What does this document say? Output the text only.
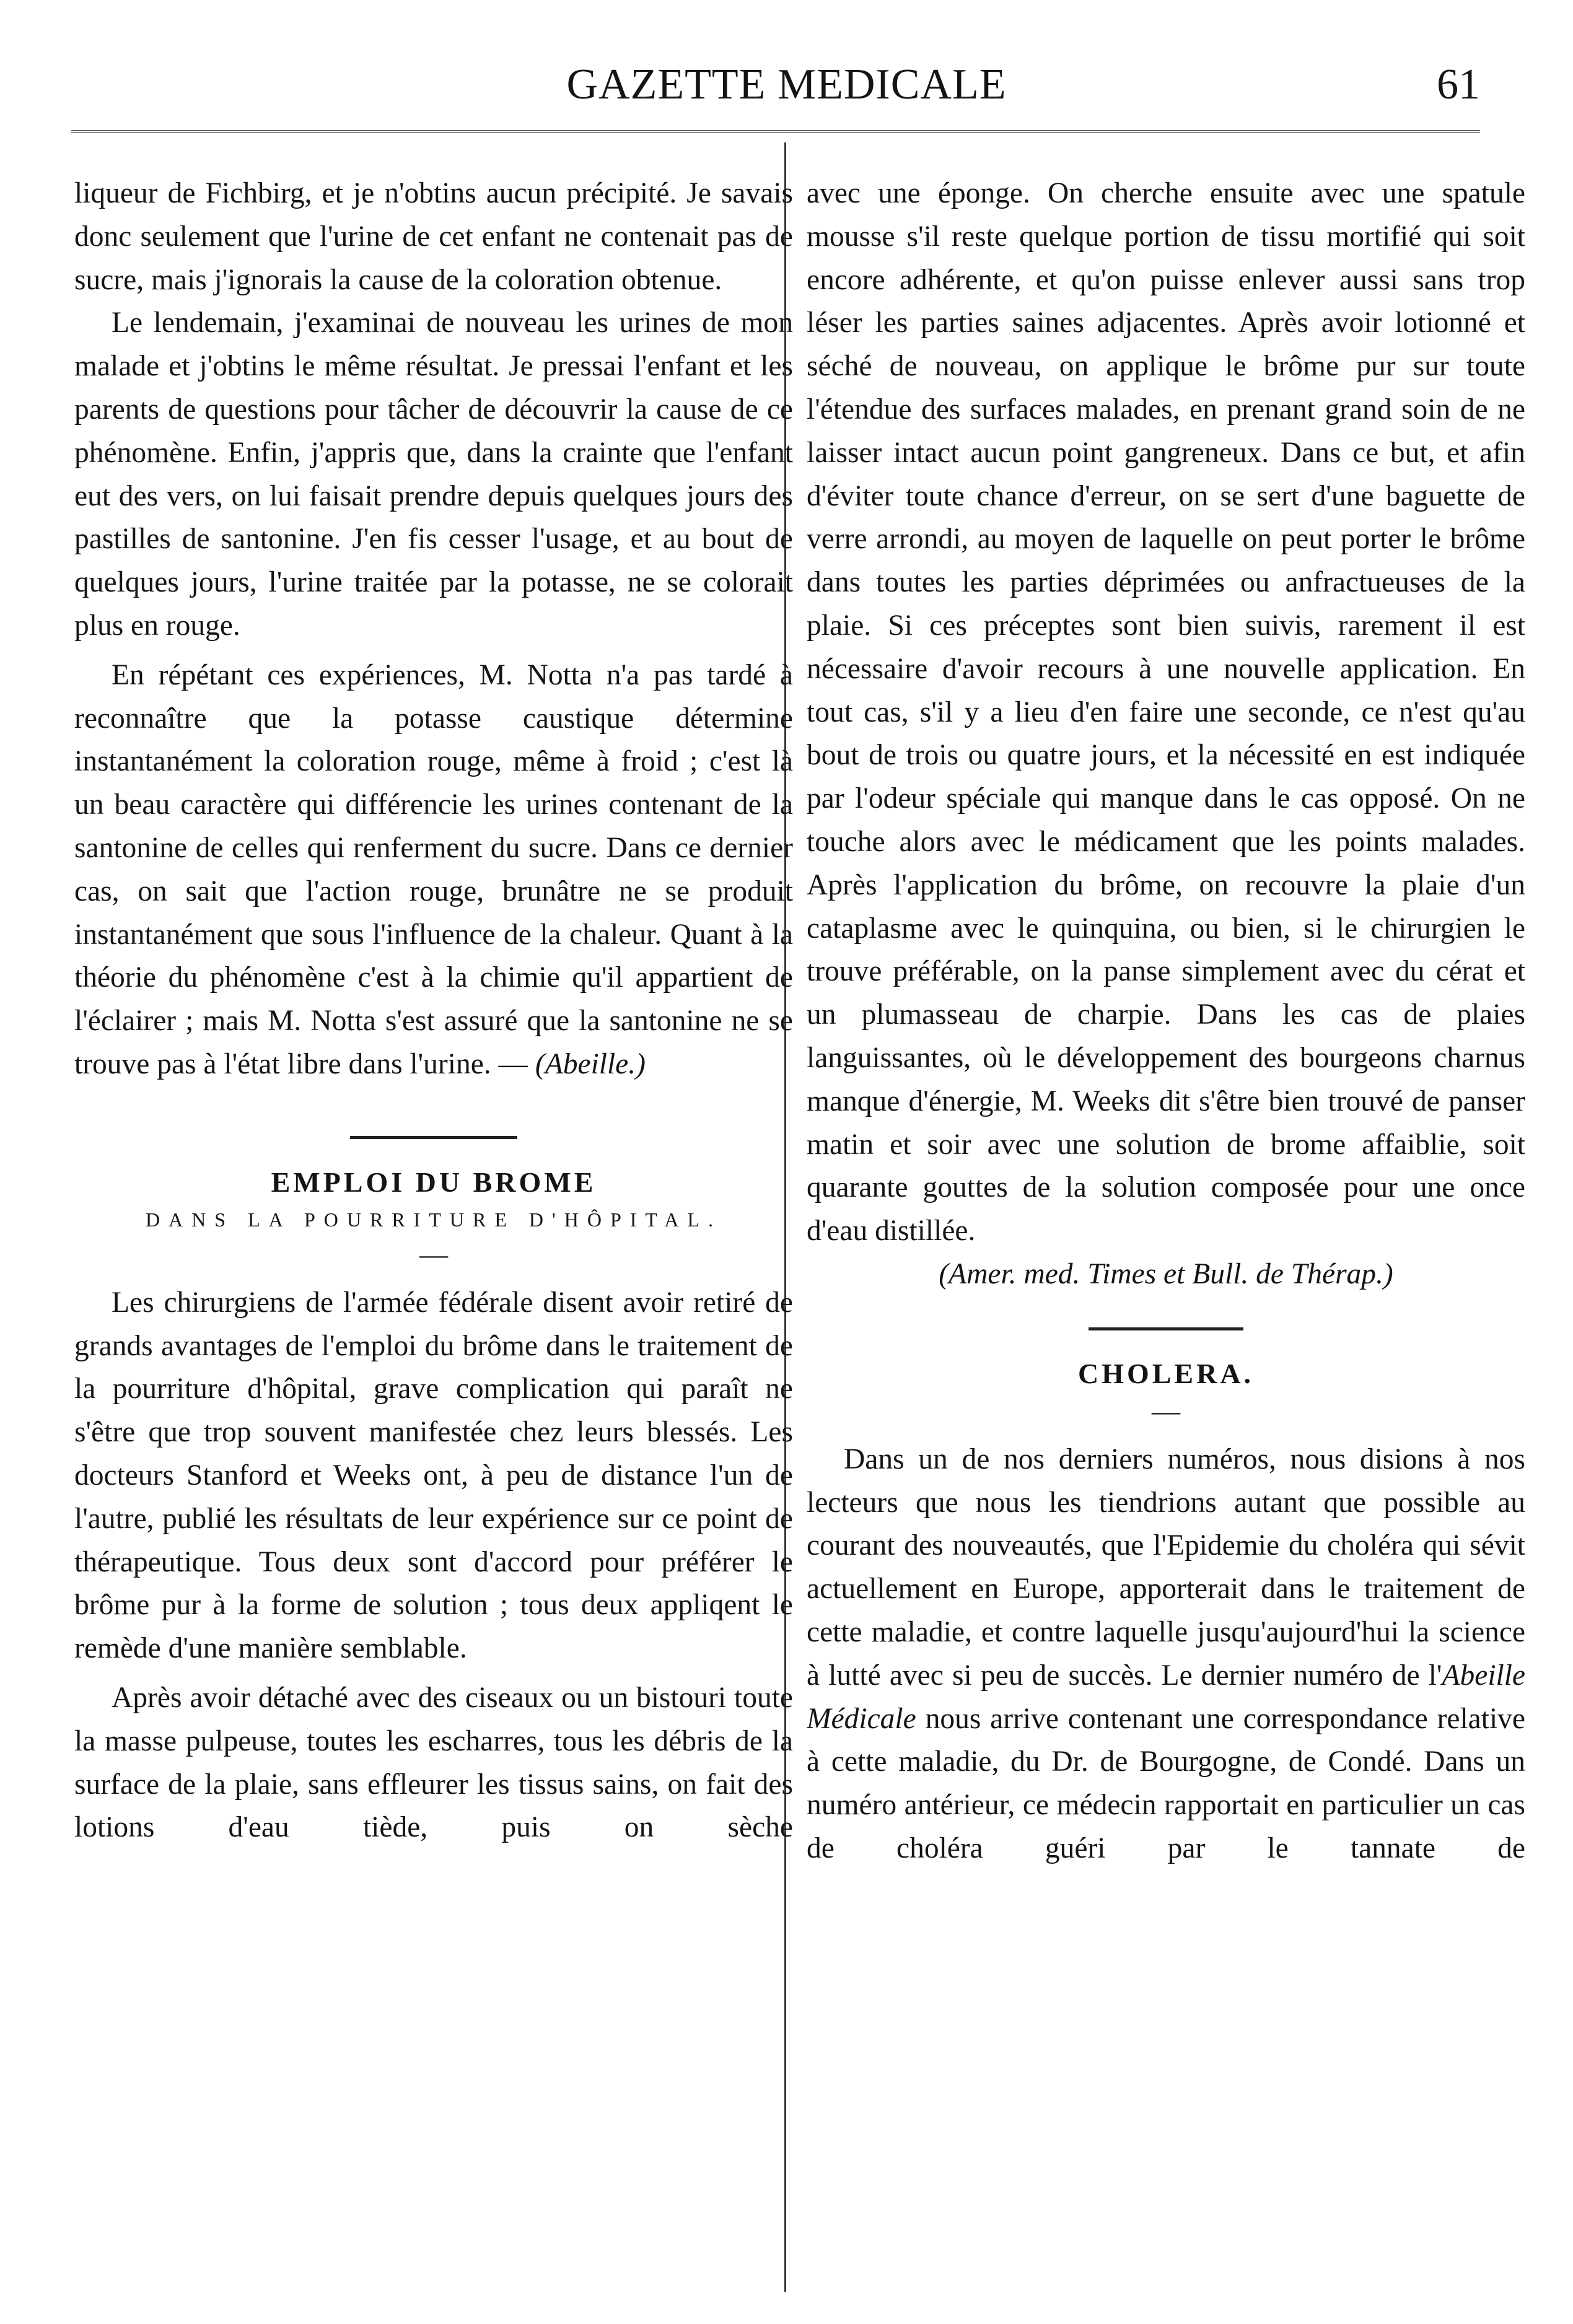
GAZETTE MEDICALE	61

liqueur de Fichbirg, et je n'obtins aucun précipité. Je savais donc seulement que l'urine de cet enfant ne contenait pas de sucre, mais j'ignorais la cause de la coloration obtenue.

Le lendemain, j'examinai de nouveau les urines de mon malade et j'obtins le même résultat. Je pressai l'enfant et les parents de questions pour tâcher de découvrir la cause de ce phénomène. Enfin, j'appris que, dans la crainte que l'enfant eut des vers, on lui faisait prendre depuis quelques jours des pastilles de santonine. J'en fis cesser l'usage, et au bout de quelques jours, l'urine traitée par la potasse, ne se colorait plus en rouge.

En répétant ces expériences, M. Notta n'a pas tardé à reconnaître que la potasse caustique détermine instantanément la coloration rouge, même à froid ; c'est là un beau caractère qui différencie les urines contenant de la santonine de celles qui renferment du sucre. Dans ce dernier cas, on sait que l'action rouge, brunâtre ne se produit instantanément que sous l'influence de la chaleur. Quant à la théorie du phénomène c'est à la chimie qu'il appartient de l'éclairer ; mais M. Notta s'est assuré que la santonine ne se trouve pas à l'état libre dans l'urine. — (Abeille.)

EMPLOI DU BROME

DANS LA POURRITURE D'HÔPITAL.

—

Les chirurgiens de l'armée fédérale disent avoir retiré de grands avantages de l'emploi du brôme dans le traitement de la pourriture d'hôpital, grave complication qui paraît ne s'être que trop souvent manifestée chez leurs blessés. Les docteurs Stanford et Weeks ont, à peu de distance l'un de l'autre, publié les résultats de leur expérience sur ce point de thérapeutique. Tous deux sont d'accord pour préférer le brôme pur à la forme de solution ; tous deux appliqent le remède d'une manière semblable.

Après avoir détaché avec des ciseaux ou un bistouri toute la masse pulpeuse, toutes les escharres, tous les débris de la surface de la plaie, sans effleurer les tissus sains, on fait des lotions d'eau tiède, puis on sèche

avec une éponge. On cherche ensuite avec une spatule mousse s'il reste quelque portion de tissu mortifié qui soit encore adhérente, et qu'on puisse enlever aussi sans trop léser les parties saines adjacentes. Après avoir lotionné et séché de nouveau, on applique le brôme pur sur toute l'étendue des surfaces malades, en prenant grand soin de ne laisser intact aucun point gangreneux. Dans ce but, et afin d'éviter toute chance d'erreur, on se sert d'une baguette de verre arrondi, au moyen de laquelle on peut porter le brôme dans toutes les parties déprimées ou anfractueuses de la plaie. Si ces préceptes sont bien suivis, rarement il est nécessaire d'avoir recours à une nouvelle application. En tout cas, s'il y a lieu d'en faire une seconde, ce n'est qu'au bout de trois ou quatre jours, et la nécessité en est indiquée par l'odeur spéciale qui manque dans le cas opposé. On ne touche alors avec le médicament que les points malades. Après l'application du brôme, on recouvre la plaie d'un cataplasme avec le quinquina, ou bien, si le chirurgien le trouve préférable, on la panse simplement avec du cérat et un plumasseau de charpie. Dans les cas de plaies languissantes, où le développement des bourgeons charnus manque d'énergie, M. Weeks dit s'être bien trouvé de panser matin et soir avec une solution de brome affaiblie, soit quarante gouttes de la solution composée pour une once d'eau distillée.

(Amer. med. Times et Bull. de Thérap.)

CHOLERA.

—

Dans un de nos derniers numéros, nous disions à nos lecteurs que nous les tiendrions autant que possible au courant des nouveautés, que l'Epidemie du choléra qui sévit actuellement en Europe, apporterait dans le traitement de cette maladie, et contre laquelle jusqu'aujourd'hui la science à lutté avec si peu de succès. Le dernier numéro de l'Abeille Médicale nous arrive contenant une correspondance relative à cette maladie, du Dr. de Bourgogne, de Condé. Dans un numéro antérieur, ce médecin rapportait en particulier un cas de choléra guéri par le tannate de
